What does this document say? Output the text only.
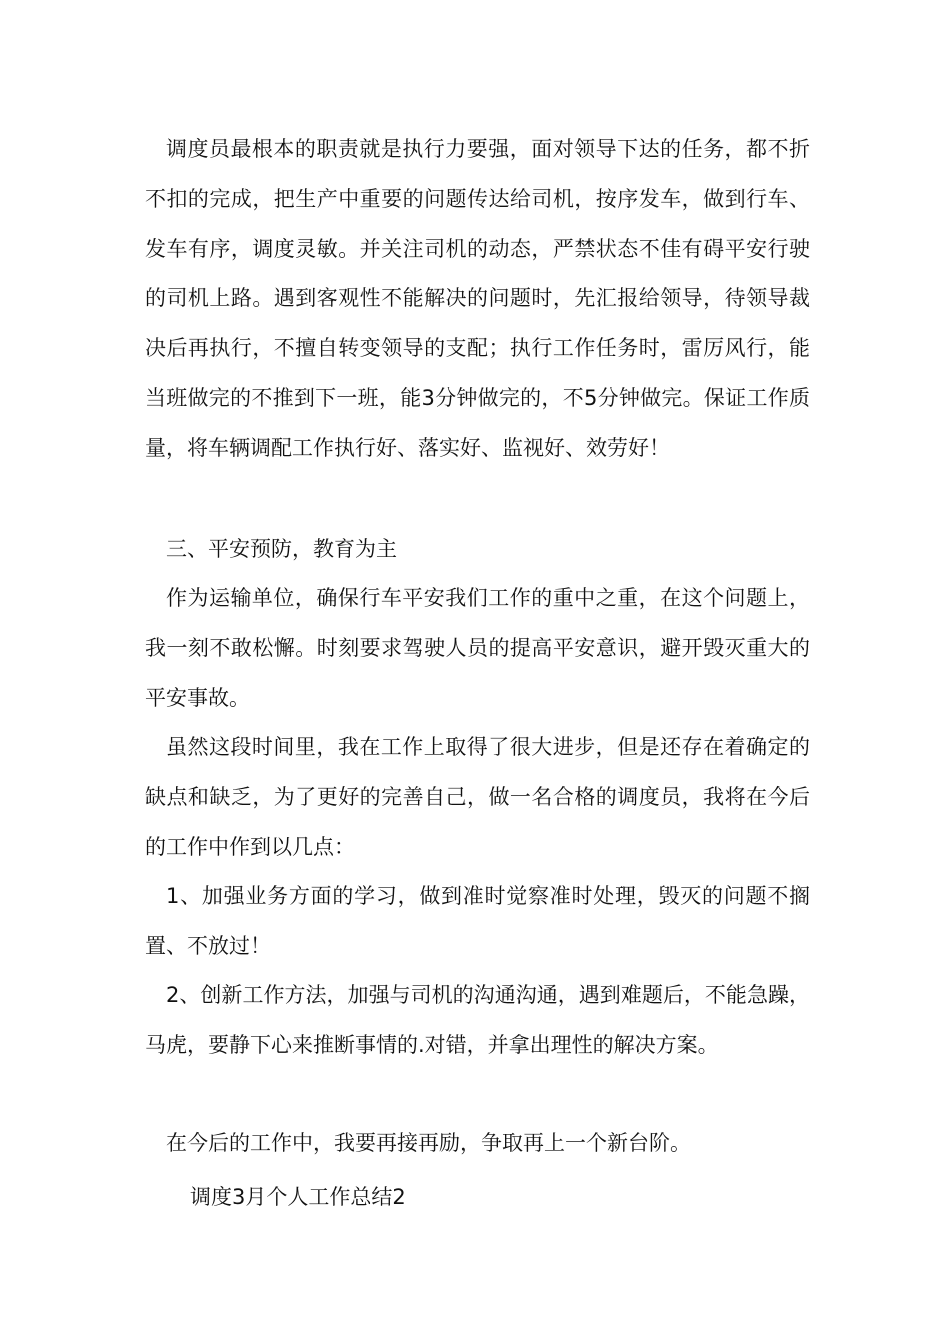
调度员最根本的职责就是执行力要强，面对领导下达的任务，都不折不扣的完成，把生产中重要的问题传达给司机，按序发车，做到行车、发车有序，调度灵敏。并关注司机的动态，严禁状态不佳有碍平安行驶的司机上路。遇到客观性不能解决的问题时，先汇报给领导，待领导裁决后再执行，不擅自转变领导的支配；执行工作任务时，雷厉风行，能当班做完的不推到下一班，能3分钟做完的，不5分钟做完。保证工作质量，将车辆调配工作执行好、落实好、监视好、效劳好！

三、平安预防，教育为主

作为运输单位，确保行车平安我们工作的重中之重，在这个问题上，我一刻不敢松懈。时刻要求驾驶人员的提高平安意识，避开毁灭重大的平安事故。

虽然这段时间里，我在工作上取得了很大进步，但是还存在着确定的缺点和缺乏，为了更好的完善自己，做一名合格的调度员，我将在今后的工作中作到以几点：

1、加强业务方面的学习，做到准时觉察准时处理，毁灭的问题不搁置、不放过！

2、创新工作方法，加强与司机的沟通沟通，遇到难题后，不能急躁，马虎，要静下心来推断事情的.对错，并拿出理性的解决方案。

在今后的工作中，我要再接再励，争取再上一个新台阶。

调度3月个人工作总结2
